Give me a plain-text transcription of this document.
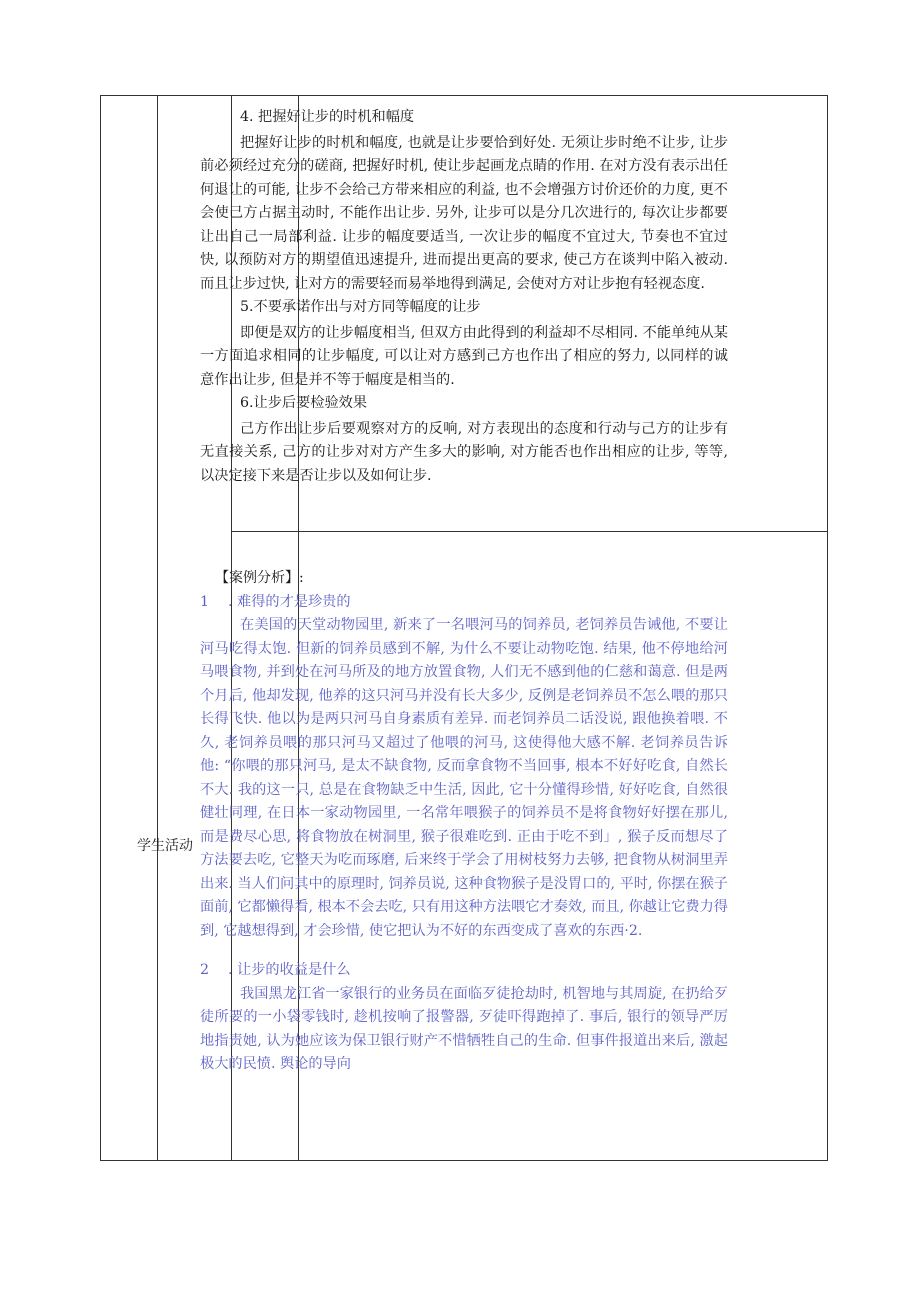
学生活动

4. 把握好让步的时机和幅度

把握好让步的时机和幅度, 也就是让步要恰到好处. 无须让步时绝不让步, 让步前必须经过充分的磋商, 把握好时机, 使让步起画龙点睛的作用. 在对方没有表示出任何退让的可能, 让步不会给己方带来相应的利益, 也不会增强方讨价还价的力度, 更不会使己方占据主动时, 不能作出让步. 另外, 让步可以是分几次进行的, 每次让步都要让出自己一局部利益. 让步的幅度要适当, 一次让步的幅度不宜过大, 节奏也不宜过快, 以预防对方的期望值迅速提升, 进而提出更高的要求, 使己方在谈判中陷入被动. 而且让步过快, 让对方的需要轻而易举地得到满足, 会使对方对让步抱有轻视态度.

5.不要承诺作出与对方同等幅度的让步

即便是双方的让步幅度相当, 但双方由此得到的利益却不尽相同. 不能单纯从某一方面追求相同的让步幅度, 可以让对方感到己方也作出了相应的努力, 以同样的诚意作出让步, 但是并不等于幅度是相当的.

6.让步后要检验效果

己方作出让步后要观察对方的反响, 对方表现出的态度和行动与己方的让步有无直接关系, 己方的让步对对方产生多大的影响, 对方能否也作出相应的让步, 等等, 以决定接下来是否让步以及如何让步.

【案例分析】:

1 . 难得的才是珍贵的

在美国的天堂动物园里, 新来了一名喂河马的饲养员, 老饲养员告诫他, 不要让河马吃得太饱. 但新的饲养员感到不解, 为什么不要让动物吃饱. 结果, 他不停地给河马喂食物, 并到处在河马所及的地方放置食物, 人们无不感到他的仁慈和蔼意. 但是两个月后, 他却发现, 他养的这只河马并没有长大多少, 反例是老饲养员不怎么喂的那只长得飞快. 他以为是两只河马自身素质有差异. 而老饲养员二话没说, 跟他换着喂. 不久, 老饲养员喂的那只河马又超过了他喂的河马, 这使得他大感不解. 老饲养员告诉他: “你喂的那只河马, 是太不缺食物, 反而拿食物不当回事, 根本不好好吃食, 自然长不大. 我的这一只, 总是在食物缺乏中生活, 因此, 它十分懂得珍惜, 好好吃食, 自然很健壮同理, 在日本一家动物园里, 一名常年喂猴子的饲养员不是将食物好好摆在那儿, 而是费尽心思, 将食物放在树洞里, 猴子很难吃到. 正由于吃不到」, 猴子反而想尽了方法要去吃, 它整天为吃而琢磨, 后来终于学会了用树枝努力去够, 把食物从树洞里弄出来. 当人们问其中的原理时, 饲养员说, 这种食物猴子是没胃口的, 平时, 你摆在猴子面前, 它都懒得看, 根本不会去吃, 只有用这种方法喂它才奏效, 而且, 你越让它费力得到, 它越想得到, 才会珍惜, 使它把认为不好的东西变成了喜欢的东西·2.

2 . 让步的收益是什么

我国黑龙江省一家银行的业务员在面临歹徒抢劫时, 机智地与其周旋, 在扔给歹徒所要的一小袋零钱时, 趁机按响了报警器, 歹徒吓得跑掉了. 事后, 银行的领导严厉地指责她, 认为她应该为保卫银行财产不惜牺牲自己的生命. 但事件报道出来后, 激起极大的民愤. 舆论的导向
